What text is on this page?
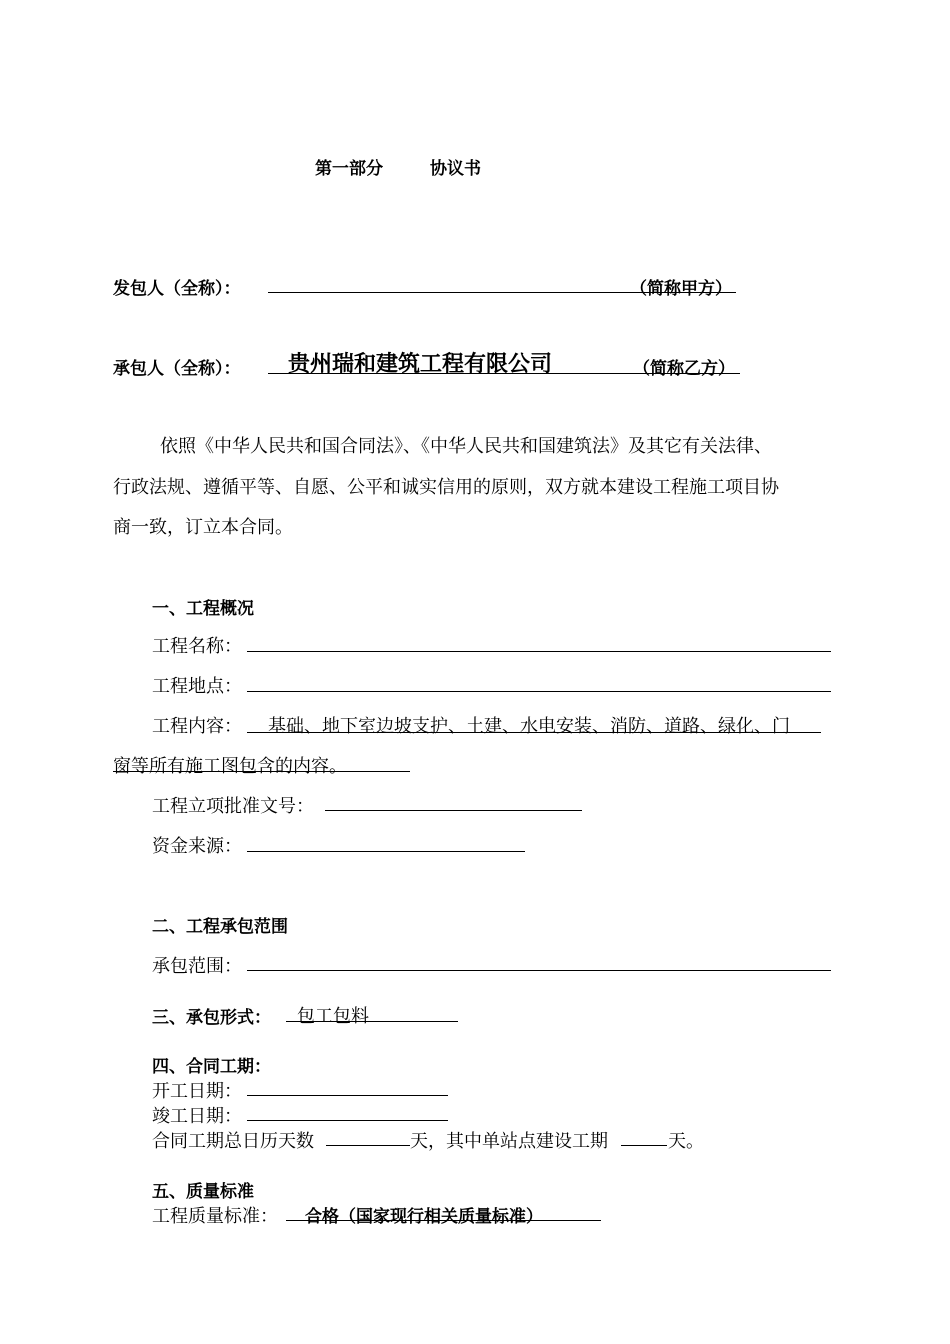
第一部分	协议书
发包人（全称）：	（简称甲方）
承包人（全称）： 贵州瑞和建筑工程有限公司	（简称乙方）
依照《中华人民共和国合同法》、《中华人民共和国建筑法》及其它有关法律、
行政法规、遵循平等、自愿、公平和诚实信用的原则，双方就本建设工程施工项目协
商一致，订立本合同。
一、工程概况
工程名称：
工程地点：
工程内容： 基础、地下室边坡支护、土建、水电安装、消防、道路、绿化、门
窗等所有施工图包含的内容。
工程立项批准文号：
资金来源：
二、工程承包范围
承包范围：
三、承包形式： 包工包料
四、合同工期：
开工日期：
竣工日期：
合同工期总日历天数	天，其中单站点建设工期	天。
五、质量标准
工程质量标准： 合格（国家现行相关质量标准）
